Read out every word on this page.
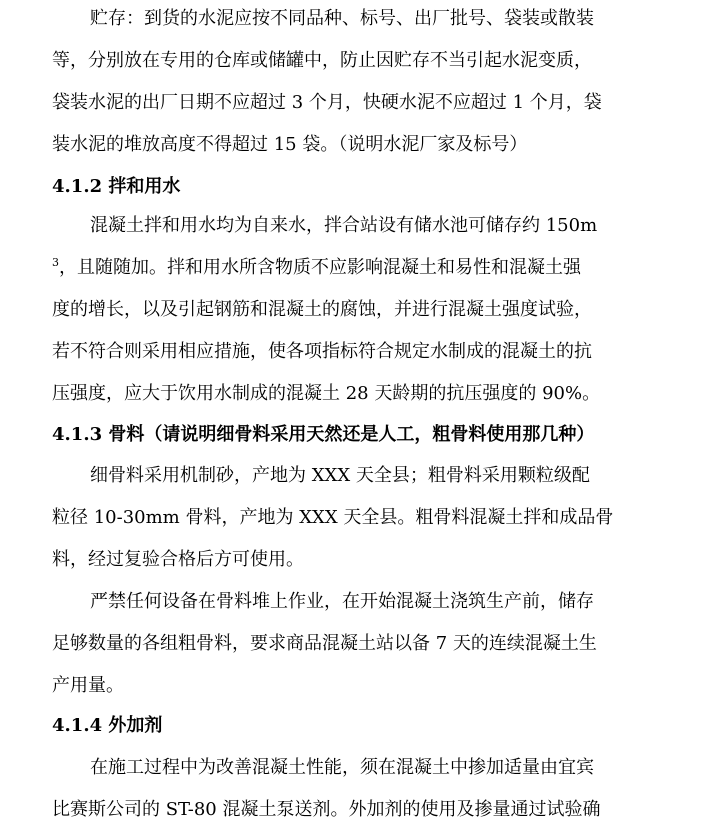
贮存：到货的水泥应按不同品种、标号、出厂批号、袋装或散装
等，分别放在专用的仓库或储罐中，防止因贮存不当引起水泥变质，
袋装水泥的出厂日期不应超过 3 个月，快硬水泥不应超过 1 个月，袋
装水泥的堆放高度不得超过 15 袋。（说明水泥厂家及标号）
4.1.2 拌和用水
混凝土拌和用水均为自来水，拌合站设有储水池可储存约 150m
$^3$，且随随加。拌和用水所含物质不应影响混凝土和易性和混凝土强
度的增长，以及引起钢筋和混凝土的腐蚀，并进行混凝土强度试验，
若不符合则采用相应措施，使各项指标符合规定水制成的混凝土的抗
压强度，应大于饮用水制成的混凝土 28 天龄期的抗压强度的 90%。
4.1.3 骨料（请说明细骨料采用天然还是人工，粗骨料使用那几种）
细骨料采用机制砂，产地为 XXX 天全县；粗骨料采用颗粒级配
粒径 10-30mm 骨料，产地为 XXX 天全县。粗骨料混凝土拌和成品骨
料，经过复验合格后方可使用。
严禁任何设备在骨料堆上作业，在开始混凝土浇筑生产前，储存
足够数量的各组粗骨料，要求商品混凝土站以备 7 天的连续混凝土生
产用量。
4.1.4 外加剂
在施工过程中为改善混凝土性能，须在混凝土中掺加适量由宜宾
比赛斯公司的 ST-80 混凝土泵送剂。外加剂的使用及掺量通过试验确
